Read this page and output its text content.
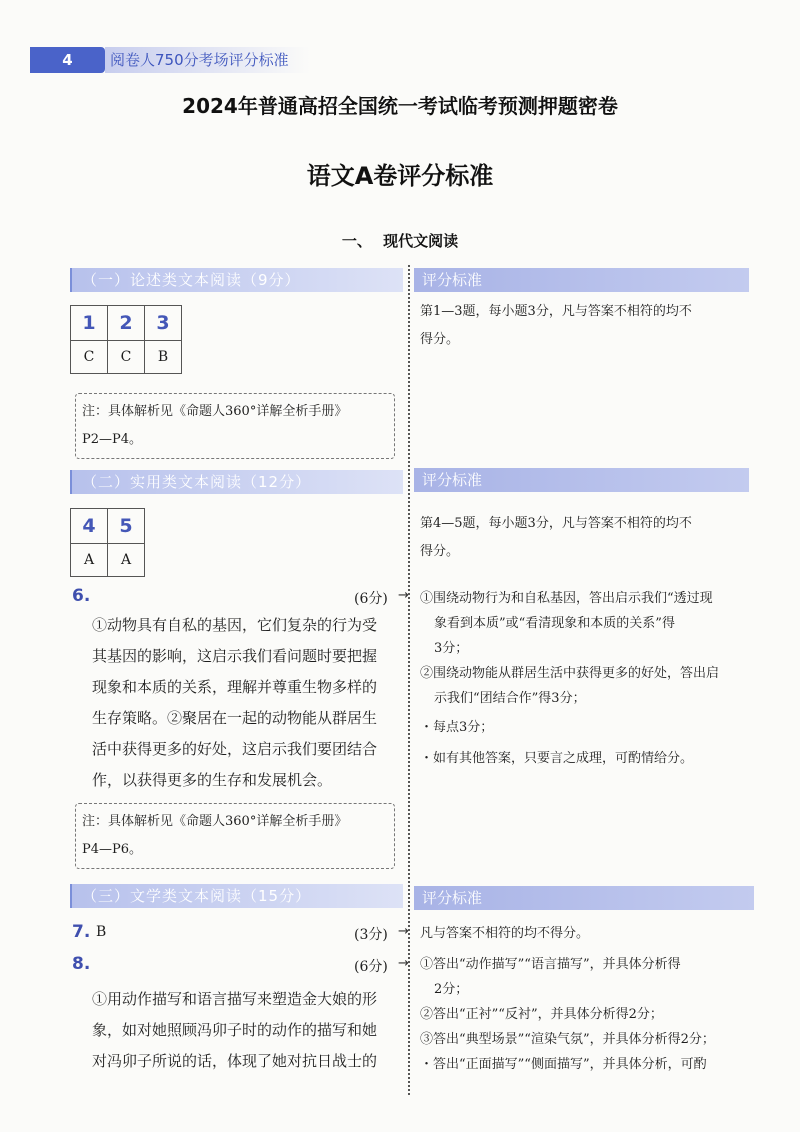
4	阅卷人750分考场评分标准
2024年普通高招全国统一考试临考预测押题密卷
语文A卷评分标准
一、 现代文阅读
（一）论述类文本阅读（9分）	评分标准
1	2	3
C	C	B
注：具体解析见《命题人360°详解全析手册》
P2—P4。
第1—3题，每小题3分，凡与答案不相符的均不
得分。
（二）实用类文本阅读（12分）	评分标准
4	5
A	A
第4—5题，每小题3分，凡与答案不相符的均不
得分。
6.	(6分) →
①动物具有自私的基因，它们复杂的行为受
其基因的影响，这启示我们看问题时要把握
现象和本质的关系，理解并尊重生物多样的
生存策略。②聚居在一起的动物能从群居生
活中获得更多的好处，这启示我们要团结合
作，以获得更多的生存和发展机会。
①围绕动物行为和自私基因，答出启示我们“透过现
象看到本质”或“看清现象和本质的关系”得
3分；
②围绕动物能从群居生活中获得更多的好处，答出启
示我们“团结合作”得3分；
・每点3分；
・如有其他答案，只要言之成理，可酌情给分。
注：具体解析见《命题人360°详解全析手册》
P4—P6。
（三）文学类文本阅读（15分）	评分标准
7. B	(3分) → 凡与答案不相符的均不得分。
8.	(6分) →
①用动作描写和语言描写来塑造金大娘的形
象，如对她照顾冯卯子时的动作的描写和她
对冯卯子所说的话，体现了她对抗日战士的
①答出“动作描写”“语言描写”，并具体分析得
2分；
②答出“正衬”“反衬”，并具体分析得2分；
③答出“典型场景”“渲染气氛”，并具体分析得2分；
・答出“正面描写”“侧面描写”，并具体分析，可酌
